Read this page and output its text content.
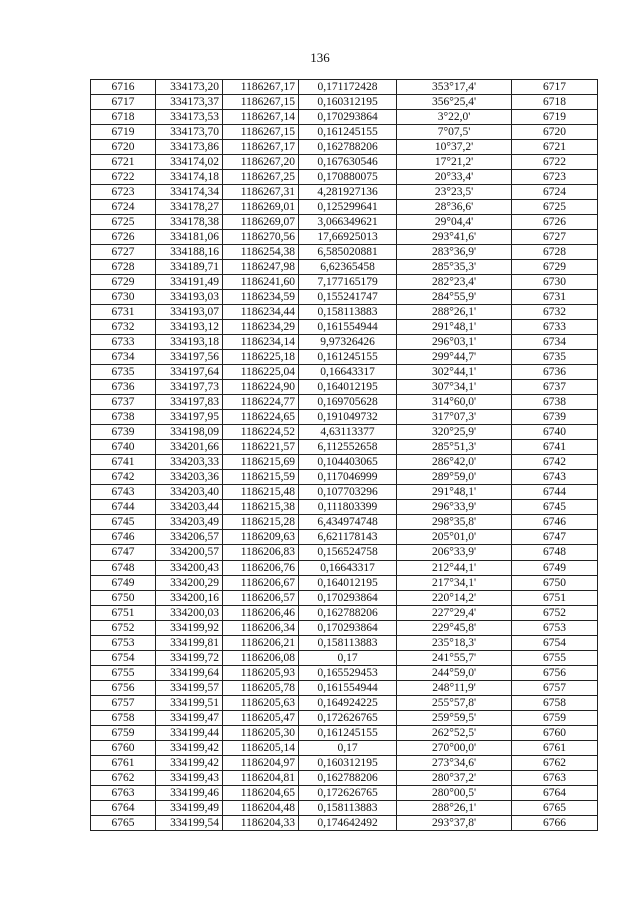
136
6716	334173,20	1186267,17	0,171172428	353°17,4'	6717
6717	334173,37	1186267,15	0,160312195	356°25,4'	6718
6718	334173,53	1186267,14	0,170293864	3°22,0'	6719
6719	334173,70	1186267,15	0,161245155	7°07,5'	6720
6720	334173,86	1186267,17	0,162788206	10°37,2'	6721
6721	334174,02	1186267,20	0,167630546	17°21,2'	6722
6722	334174,18	1186267,25	0,170880075	20°33,4'	6723
6723	334174,34	1186267,31	4,281927136	23°23,5'	6724
6724	334178,27	1186269,01	0,125299641	28°36,6'	6725
6725	334178,38	1186269,07	3,066349621	29°04,4'	6726
6726	334181,06	1186270,56	17,66925013	293°41,6'	6727
6727	334188,16	1186254,38	6,585020881	283°36,9'	6728
6728	334189,71	1186247,98	6,62365458	285°35,3'	6729
6729	334191,49	1186241,60	7,177165179	282°23,4'	6730
6730	334193,03	1186234,59	0,155241747	284°55,9'	6731
6731	334193,07	1186234,44	0,158113883	288°26,1'	6732
6732	334193,12	1186234,29	0,161554944	291°48,1'	6733
6733	334193,18	1186234,14	9,97326426	296°03,1'	6734
6734	334197,56	1186225,18	0,161245155	299°44,7'	6735
6735	334197,64	1186225,04	0,16643317	302°44,1'	6736
6736	334197,73	1186224,90	0,164012195	307°34,1'	6737
6737	334197,83	1186224,77	0,169705628	314°60,0'	6738
6738	334197,95	1186224,65	0,191049732	317°07,3'	6739
6739	334198,09	1186224,52	4,63113377	320°25,9'	6740
6740	334201,66	1186221,57	6,112552658	285°51,3'	6741
6741	334203,33	1186215,69	0,104403065	286°42,0'	6742
6742	334203,36	1186215,59	0,117046999	289°59,0'	6743
6743	334203,40	1186215,48	0,107703296	291°48,1'	6744
6744	334203,44	1186215,38	0,111803399	296°33,9'	6745
6745	334203,49	1186215,28	6,434974748	298°35,8'	6746
6746	334206,57	1186209,63	6,621178143	205°01,0'	6747
6747	334200,57	1186206,83	0,156524758	206°33,9'	6748
6748	334200,43	1186206,76	0,16643317	212°44,1'	6749
6749	334200,29	1186206,67	0,164012195	217°34,1'	6750
6750	334200,16	1186206,57	0,170293864	220°14,2'	6751
6751	334200,03	1186206,46	0,162788206	227°29,4'	6752
6752	334199,92	1186206,34	0,170293864	229°45,8'	6753
6753	334199,81	1186206,21	0,158113883	235°18,3'	6754
6754	334199,72	1186206,08	0,17	241°55,7'	6755
6755	334199,64	1186205,93	0,165529453	244°59,0'	6756
6756	334199,57	1186205,78	0,161554944	248°11,9'	6757
6757	334199,51	1186205,63	0,164924225	255°57,8'	6758
6758	334199,47	1186205,47	0,172626765	259°59,5'	6759
6759	334199,44	1186205,30	0,161245155	262°52,5'	6760
6760	334199,42	1186205,14	0,17	270°00,0'	6761
6761	334199,42	1186204,97	0,160312195	273°34,6'	6762
6762	334199,43	1186204,81	0,162788206	280°37,2'	6763
6763	334199,46	1186204,65	0,172626765	280°00,5'	6764
6764	334199,49	1186204,48	0,158113883	288°26,1'	6765
6765	334199,54	1186204,33	0,174642492	293°37,8'	6766
